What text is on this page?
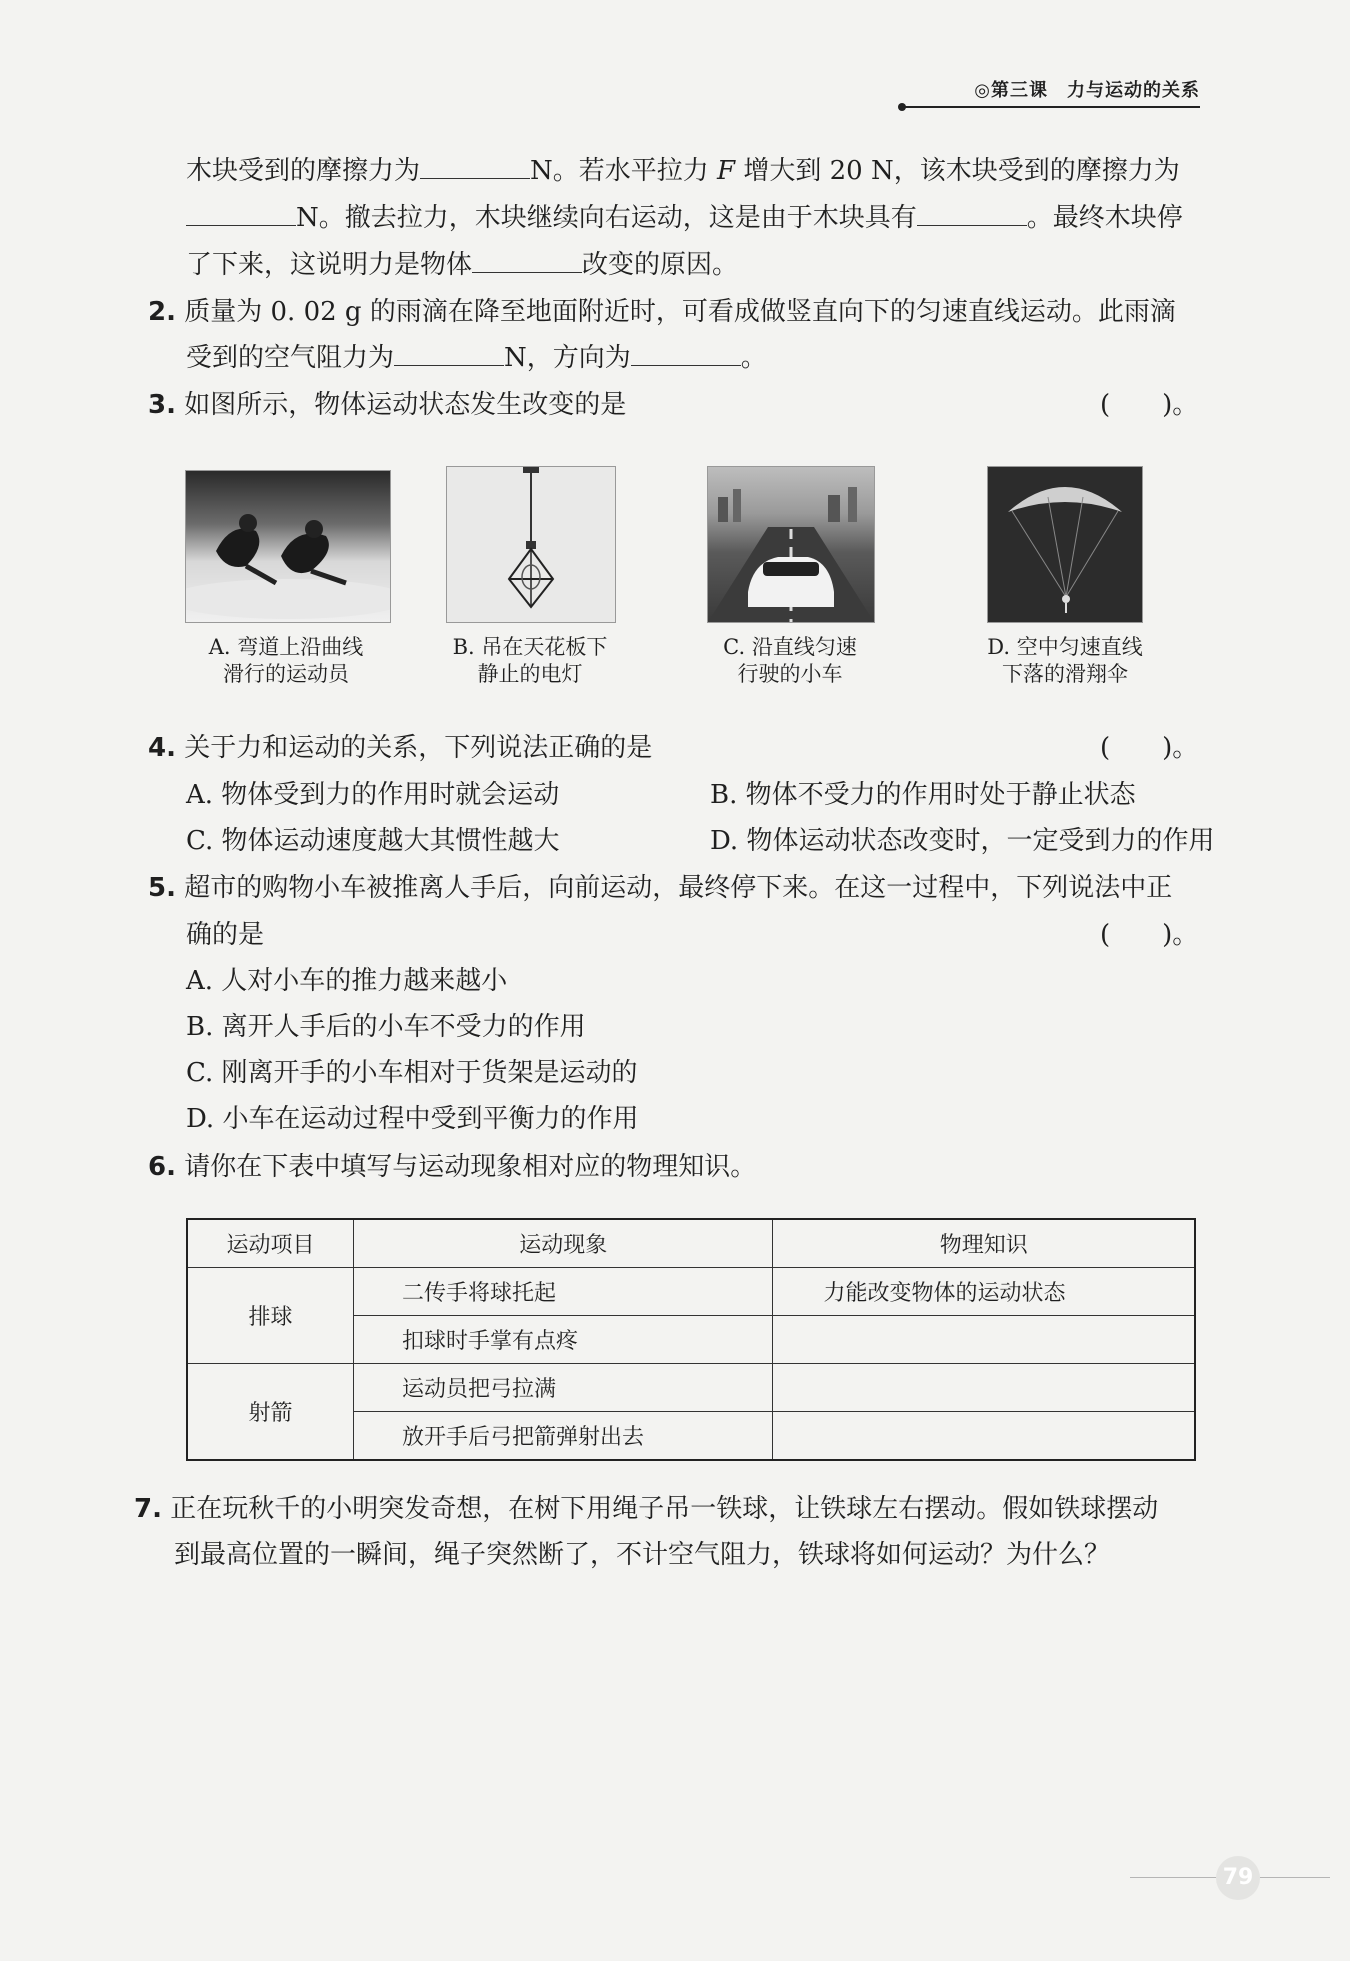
◎第三课　力与运动的关系
木块受到的摩擦力为	N。若水平拉力 F 增大到 20 N，该木块受到的摩擦力为
N。撤去拉力，木块继续向右运动，这是由于木块具有	。最终木块停
了下来，这说明力是物体	改变的原因。
2. 质量为 0. 02 g 的雨滴在降至地面附近时，可看成做竖直向下的匀速直线运动。此雨滴
受到的空气阻力为	N，方向为	。
3. 如图所示，物体运动状态发生改变的是	(　　)。
A. 弯道上沿曲线
滑行的运动员
B. 吊在天花板下
静止的电灯
C. 沿直线匀速
行驶的小车
D. 空中匀速直线
下落的滑翔伞
4. 关于力和运动的关系，下列说法正确的是	(　　)。
A. 物体受到力的作用时就会运动	B. 物体不受力的作用时处于静止状态
C. 物体运动速度越大其惯性越大	D. 物体运动状态改变时，一定受到力的作用
5. 超市的购物小车被推离人手后，向前运动，最终停下来。在这一过程中，下列说法中正
确的是	(　　)。
A. 人对小车的推力越来越小
B. 离开人手后的小车不受力的作用
C. 刚离开手的小车相对于货架是运动的
D. 小车在运动过程中受到平衡力的作用
6. 请你在下表中填写与运动现象相对应的物理知识。
运动项目	运动现象	物理知识
排球	二传手将球托起	力能改变物体的运动状态
	扣球时手掌有点疼	
射箭	运动员把弓拉满	
	放开手后弓把箭弹射出去	
7. 正在玩秋千的小明突发奇想，在树下用绳子吊一铁球，让铁球左右摆动。假如铁球摆动
到最高位置的一瞬间，绳子突然断了，不计空气阻力，铁球将如何运动？为什么？
79
